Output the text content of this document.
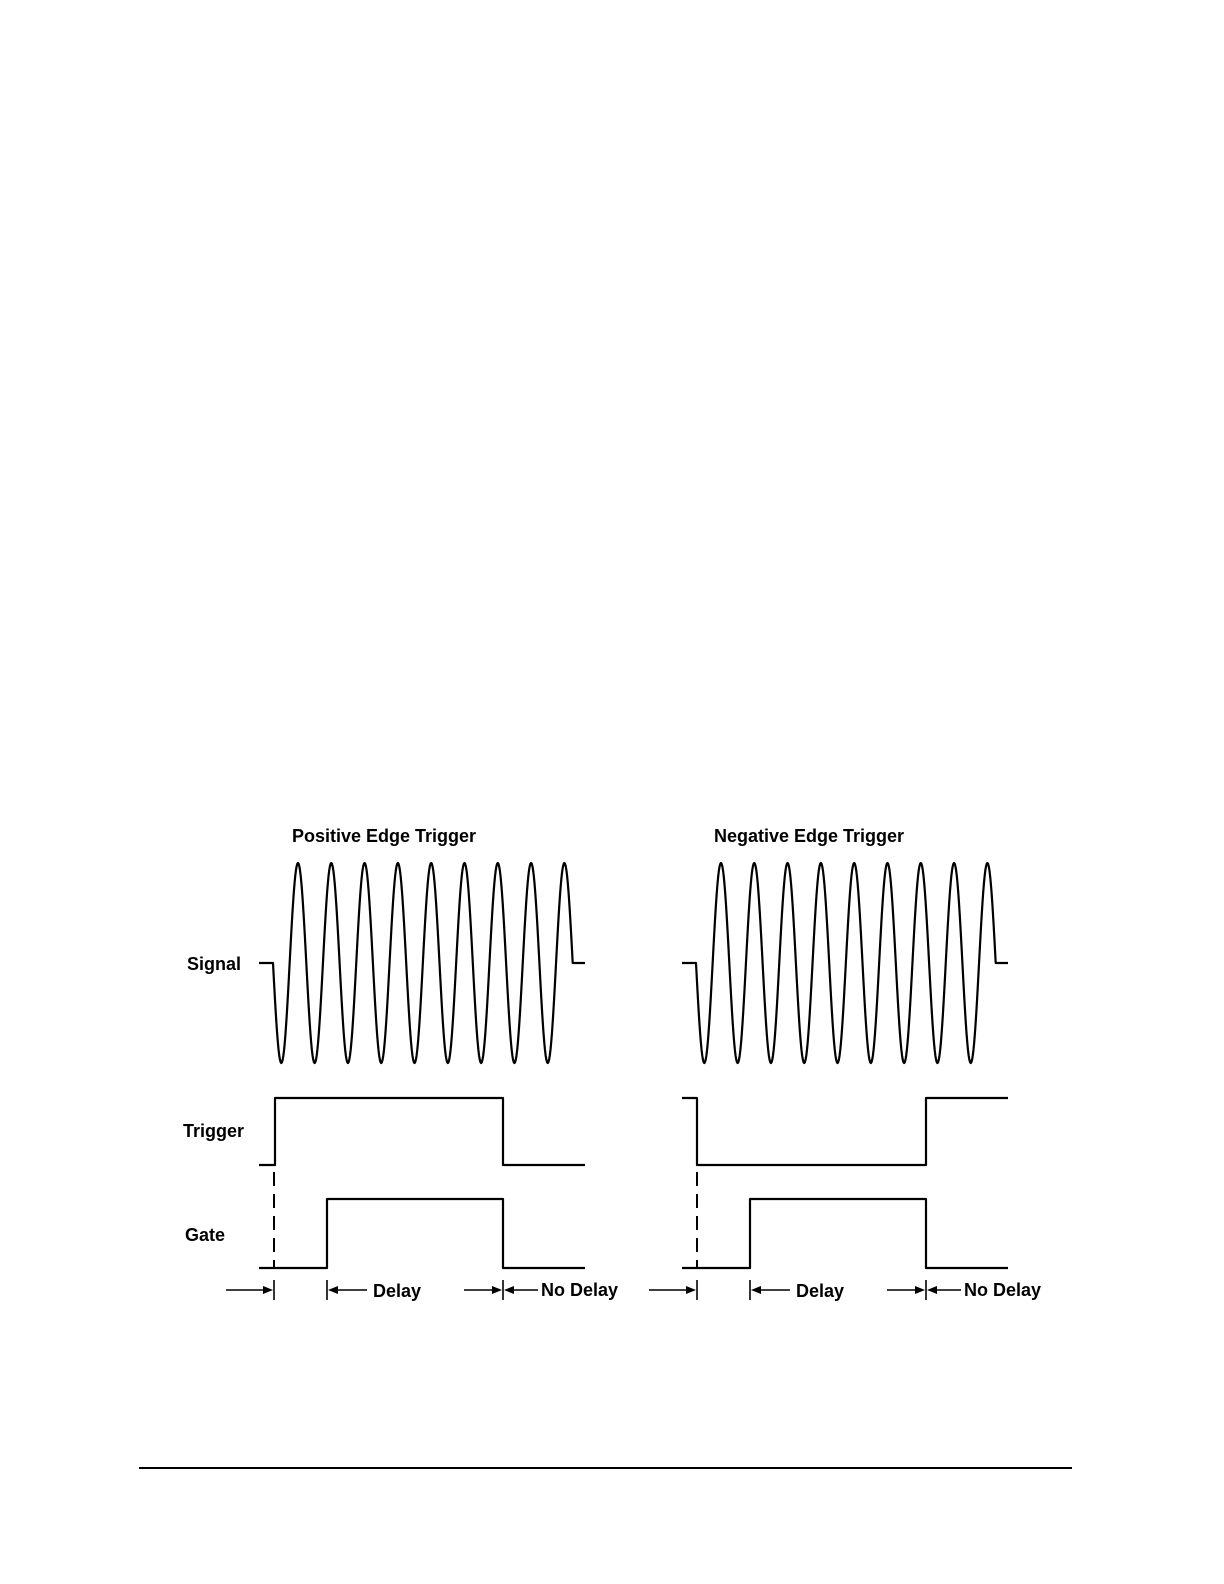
Positive Edge Trigger
Signal
Trigger
Gate
Delay	No Delay
Negative Edge Trigger
Delay	No Delay
